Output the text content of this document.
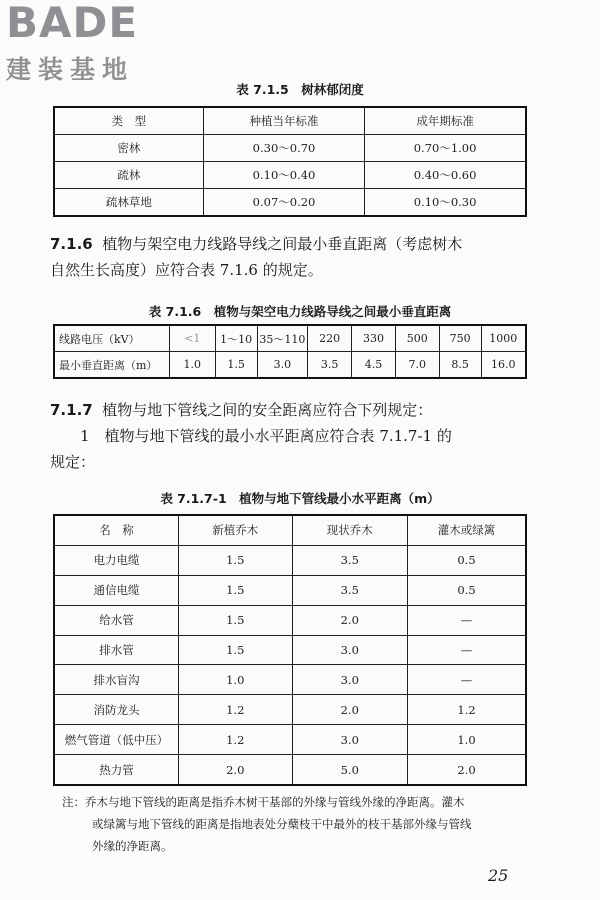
BADE
建装基地
表 7.1.5　树林郁闭度
类　型	种植当年标准	成年期标准
密林	0.30～0.70	0.70～1.00
疏林	0.10～0.40	0.40～0.60
疏林草地	0.07～0.20	0.10～0.30
7.1.6 植物与架空电力线路导线之间最小垂直距离（考虑树木
自然生长高度）应符合表 7.1.6 的规定。
表 7.1.6　植物与架空电力线路导线之间最小垂直距离
线路电压（kV）	<1	1～10	35～110	220	330	500	750	1000
最小垂直距离（m）	1.0	1.5	3.0	3.5	4.5	7.0	8.5	16.0
7.1.7 植物与地下管线之间的安全距离应符合下列规定：
1　植物与地下管线的最小水平距离应符合表 7.1.7-1 的
规定：
表 7.1.7-1　植物与地下管线最小水平距离（m）
名　称	新植乔木	现状乔木	灌木或绿篱
电力电缆	1.5	3.5	0.5
通信电缆	1.5	3.5	0.5
给水管	1.5	2.0	—
排水管	1.5	3.0	—
排水盲沟	1.0	3.0	—
消防龙头	1.2	2.0	1.2
燃气管道（低中压）	1.2	3.0	1.0
热力管	2.0	5.0	2.0
注：乔木与地下管线的距离是指乔木树干基部的外缘与管线外缘的净距离。灌木
或绿篱与地下管线的距离是指地表处分蘖枝干中最外的枝干基部外缘与管线
外缘的净距离。
25
